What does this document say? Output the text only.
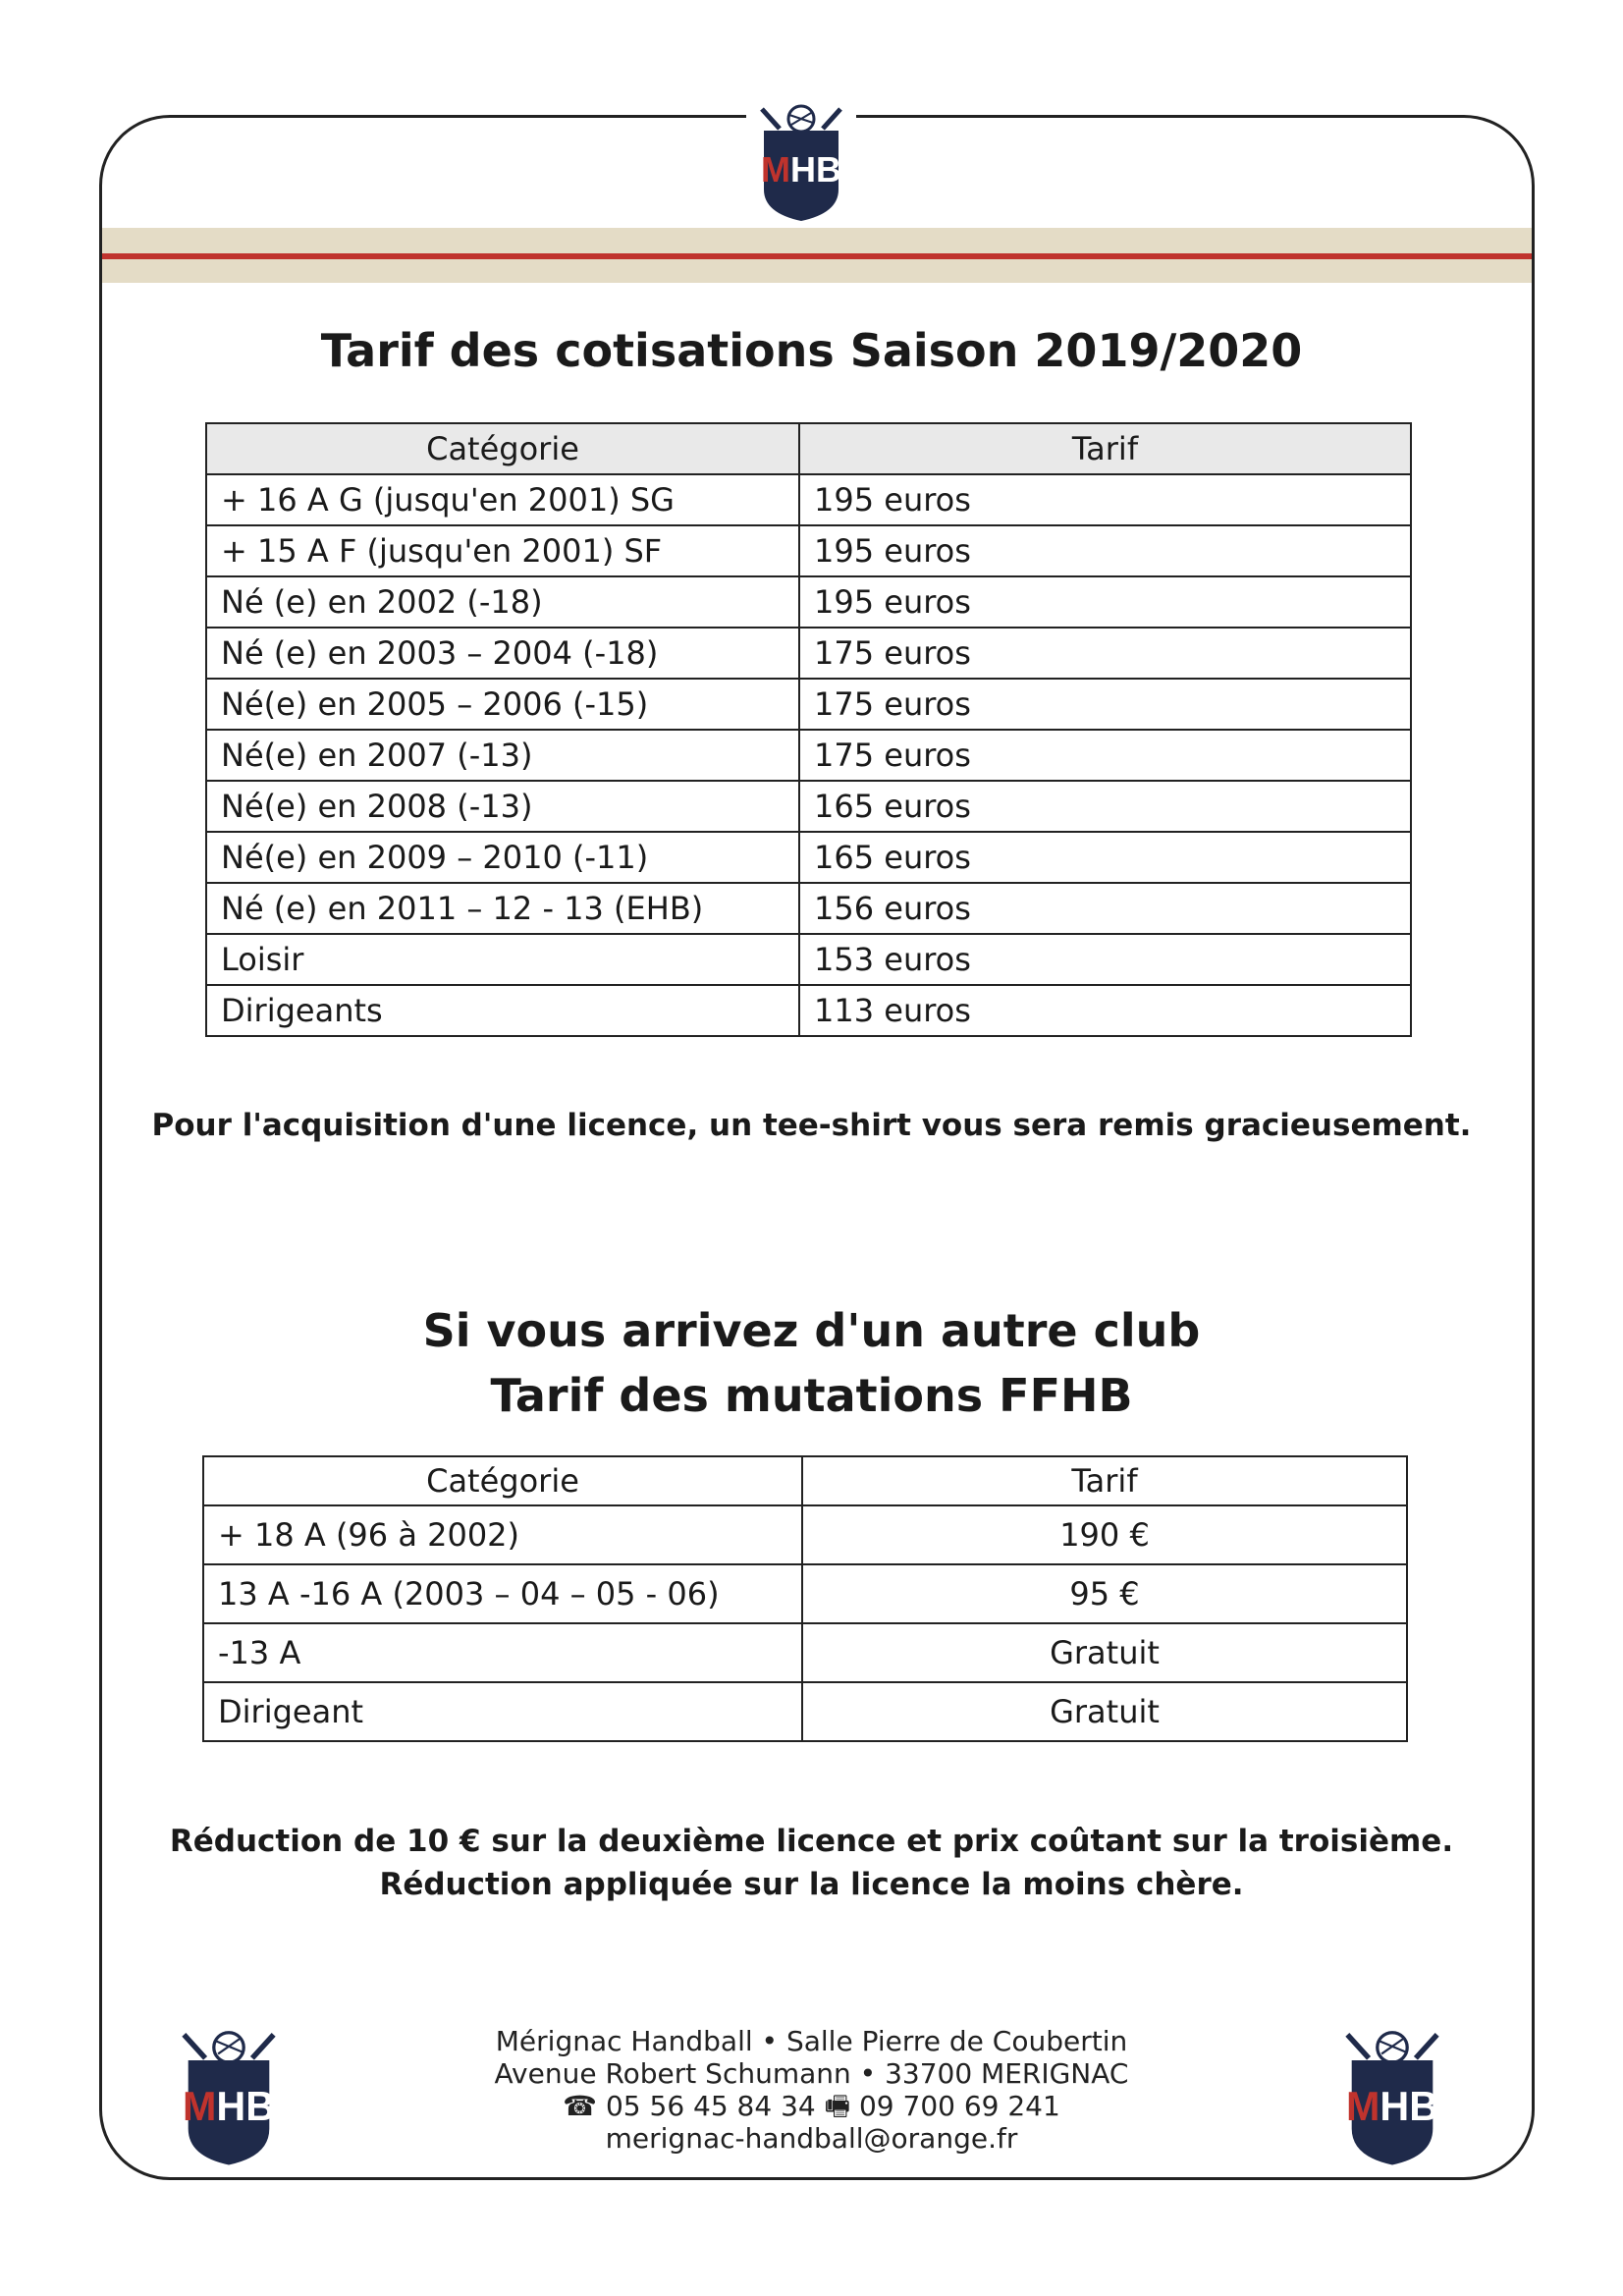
MHB
Tarif des cotisations Saison 2019/2020
Catégorie	Tarif
+ 16 A G (jusqu'en 2001) SG	195 euros
+ 15 A F (jusqu'en 2001) SF	195 euros
Né (e) en 2002 (-18)	195 euros
Né (e) en 2003 – 2004 (-18)	175 euros
Né(e) en 2005 – 2006 (-15)	175 euros
Né(e) en 2007 (-13)	175 euros
Né(e) en 2008 (-13)	165 euros
Né(e) en 2009 – 2010 (-11)	165 euros
Né (e) en 2011 – 12 - 13 (EHB)	156 euros
Loisir	153 euros
Dirigeants	113 euros
Pour l'acquisition d'une licence, un tee-shirt vous sera remis gracieusement.
Si vous arrivez d'un autre club
Tarif des mutations FFHB
Catégorie	Tarif
+ 18 A (96 à 2002)	190 €
13 A -16 A (2003 – 04 – 05 - 06)	95 €
-13 A	Gratuit
Dirigeant	Gratuit
Réduction de 10 € sur la deuxième licence et prix coûtant sur la troisième.
Réduction appliquée sur la licence la moins chère.
MHB	MHB
Mérignac Handball • Salle Pierre de Coubertin
Avenue Robert Schumann • 33700 MERIGNAC
☎ 05 56 45 84 34 🖷 09 700 69 241
merignac-handball@orange.fr
